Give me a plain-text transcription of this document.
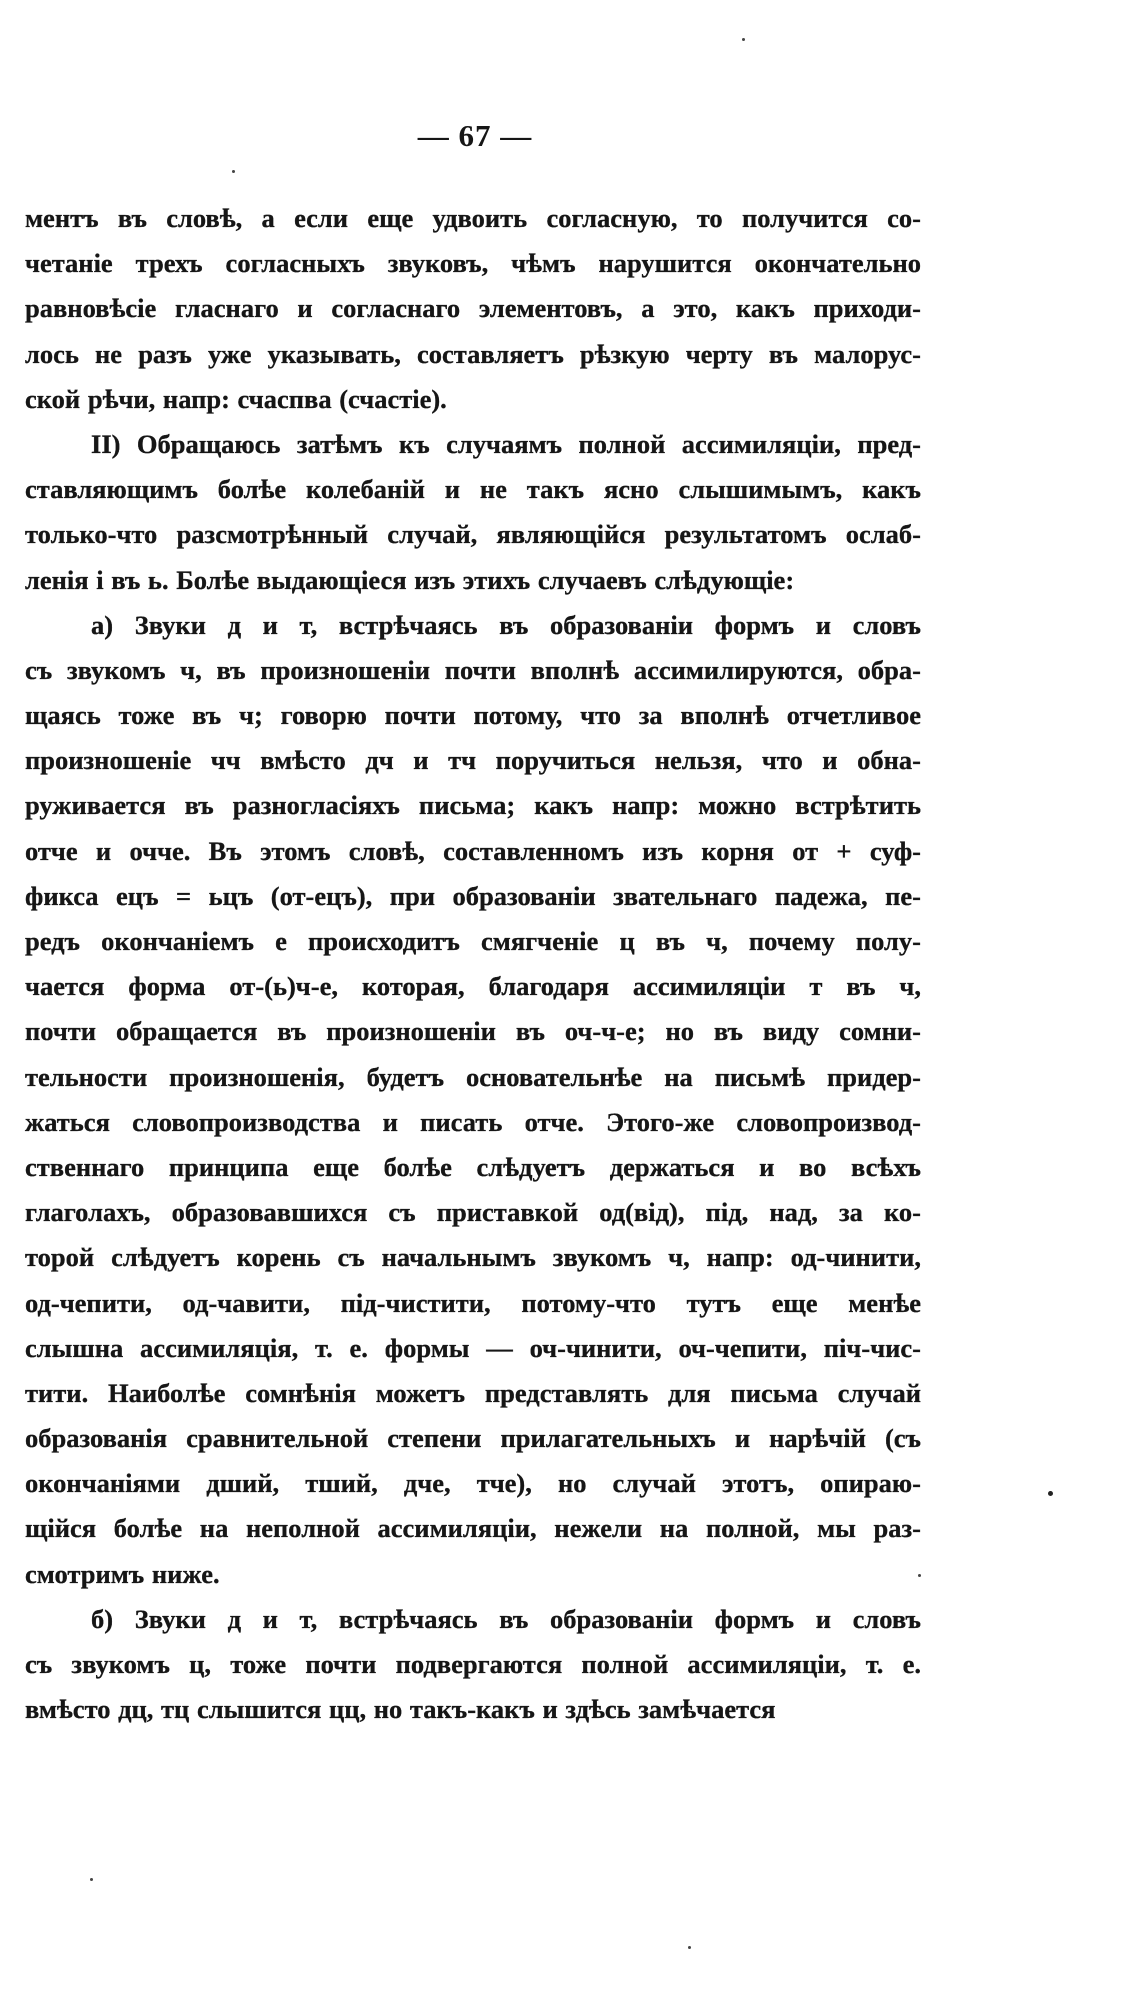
— 67 —
ментъ въ словѣ, а если еще удвоить согласную, то получится со-
четаніе трехъ согласныхъ звуковъ, чѣмъ нарушится окончательно
равновѣсіе гласнаго и согласнаго элементовъ, а это, какъ приходи-
лось не разъ уже указывать, составляетъ рѣзкую черту въ малорус-
ской рѣчи, напр: счаспва (счастіе).
II) Обращаюсь затѣмъ къ случаямъ полной ассимиляціи, пред-
ставляющимъ болѣе колебаній и не такъ ясно слышимымъ, какъ
только-что разсмотрѣнный случай, являющійся результатомъ ослаб-
ленія і въ ь. Болѣе выдающіеся изъ этихъ случаевъ слѣдующіе:
а) Звуки д и т, встрѣчаясь въ образованіи формъ и словъ
съ звукомъ ч, въ произношеніи почти вполнѣ ассимилируются, обра-
щаясь тоже въ ч; говорю почти потому, что за вполнѣ отчетливое
произношеніе чч вмѣсто дч и тч поручиться нельзя, что и обна-
руживается въ разногласіяхъ письма; какъ напр: можно встрѣтить
отче и очче. Въ этомъ словѣ, составленномъ изъ корня от + суф-
фикса ецъ = ьцъ (от-ецъ), при образованіи звательнаго падежа, пе-
редъ окончаніемъ е происходитъ смягченіе ц въ ч, почему полу-
чается форма от-(ь)ч-е, которая, благодаря ассимиляціи т въ ч,
почти обращается въ произношеніи въ оч-ч-е; но въ виду сомни-
тельности произношенія, будетъ основательнѣе на письмѣ придер-
жаться словопроизводства и писать отче. Этого-же словопроизвод-
ственнаго принципа еще болѣе слѣдуетъ держаться и во всѣхъ
глаголахъ, образовавшихся съ приставкой од(від), під, над, за ко-
торой слѣдуетъ корень съ начальнымъ звукомъ ч, напр: од-чинити,
од-чепити, од-чавити, під-чистити, потому-что тутъ еще менѣе
слышна ассимиляція, т. е. формы — оч-чинити, оч-чепити, піч-чис-
тити. Наиболѣе сомнѣнія можетъ представлять для письма случай
образованія сравнительной степени прилагательныхъ и нарѣчій (съ
окончаніями дший, тший, дче, тче), но случай этотъ, опираю-
щійся болѣе на неполной ассимиляціи, нежели на полной, мы раз-
смотримъ ниже.
б) Звуки д и т, встрѣчаясь въ образованіи формъ и словъ
съ звукомъ ц, тоже почти подвергаются полной ассимиляціи, т. е.
вмѣсто дц, тц слышится цц, но такъ-какъ и здѣсь замѣчается
